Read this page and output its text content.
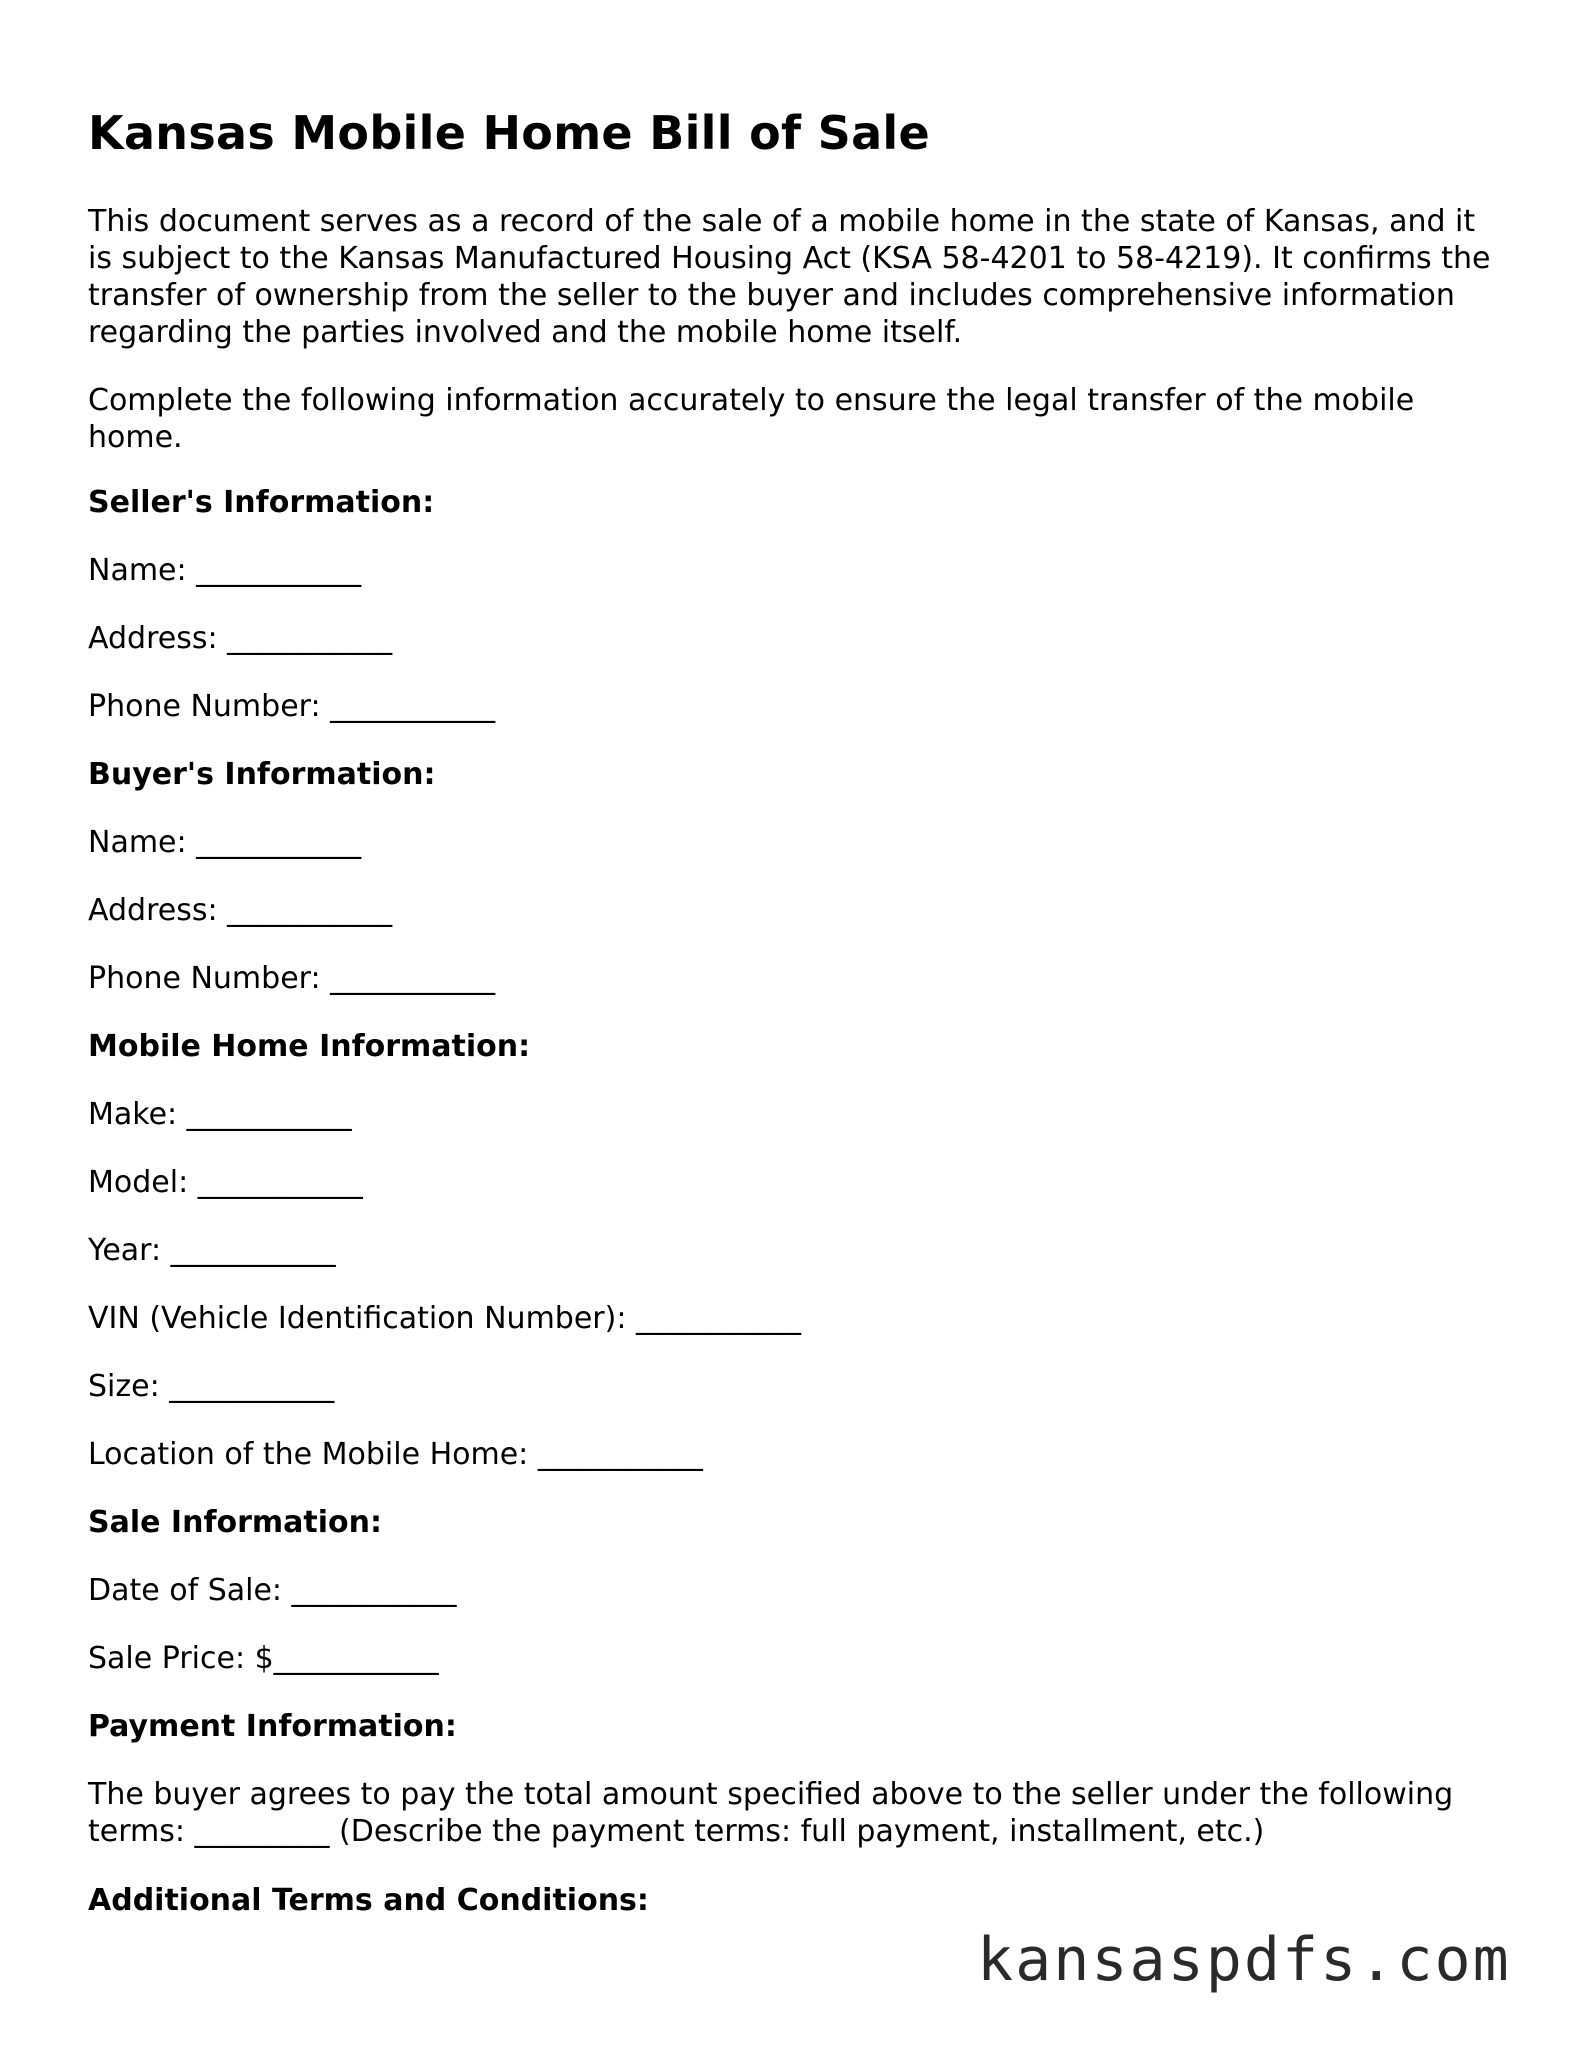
Kansas Mobile Home Bill of Sale

This document serves as a record of the sale of a mobile home in the state of Kansas, and it is subject to the Kansas Manufactured Housing Act (KSA 58-4201 to 58-4219). It confirms the transfer of ownership from the seller to the buyer and includes comprehensive information regarding the parties involved and the mobile home itself.

Complete the following information accurately to ensure the legal transfer of the mobile home.

Seller's Information:

Name: ___________

Address: ___________

Phone Number: ___________

Buyer's Information:

Name: ___________

Address: ___________

Phone Number: ___________

Mobile Home Information:

Make: ___________

Model: ___________

Year: ___________

VIN (Vehicle Identification Number): ___________

Size: ___________

Location of the Mobile Home: ___________

Sale Information:

Date of Sale: ___________

Sale Price: $___________

Payment Information:

The buyer agrees to pay the total amount specified above to the seller under the following terms: _________ (Describe the payment terms: full payment, installment, etc.)

Additional Terms and Conditions:

kansaspdfs.com
